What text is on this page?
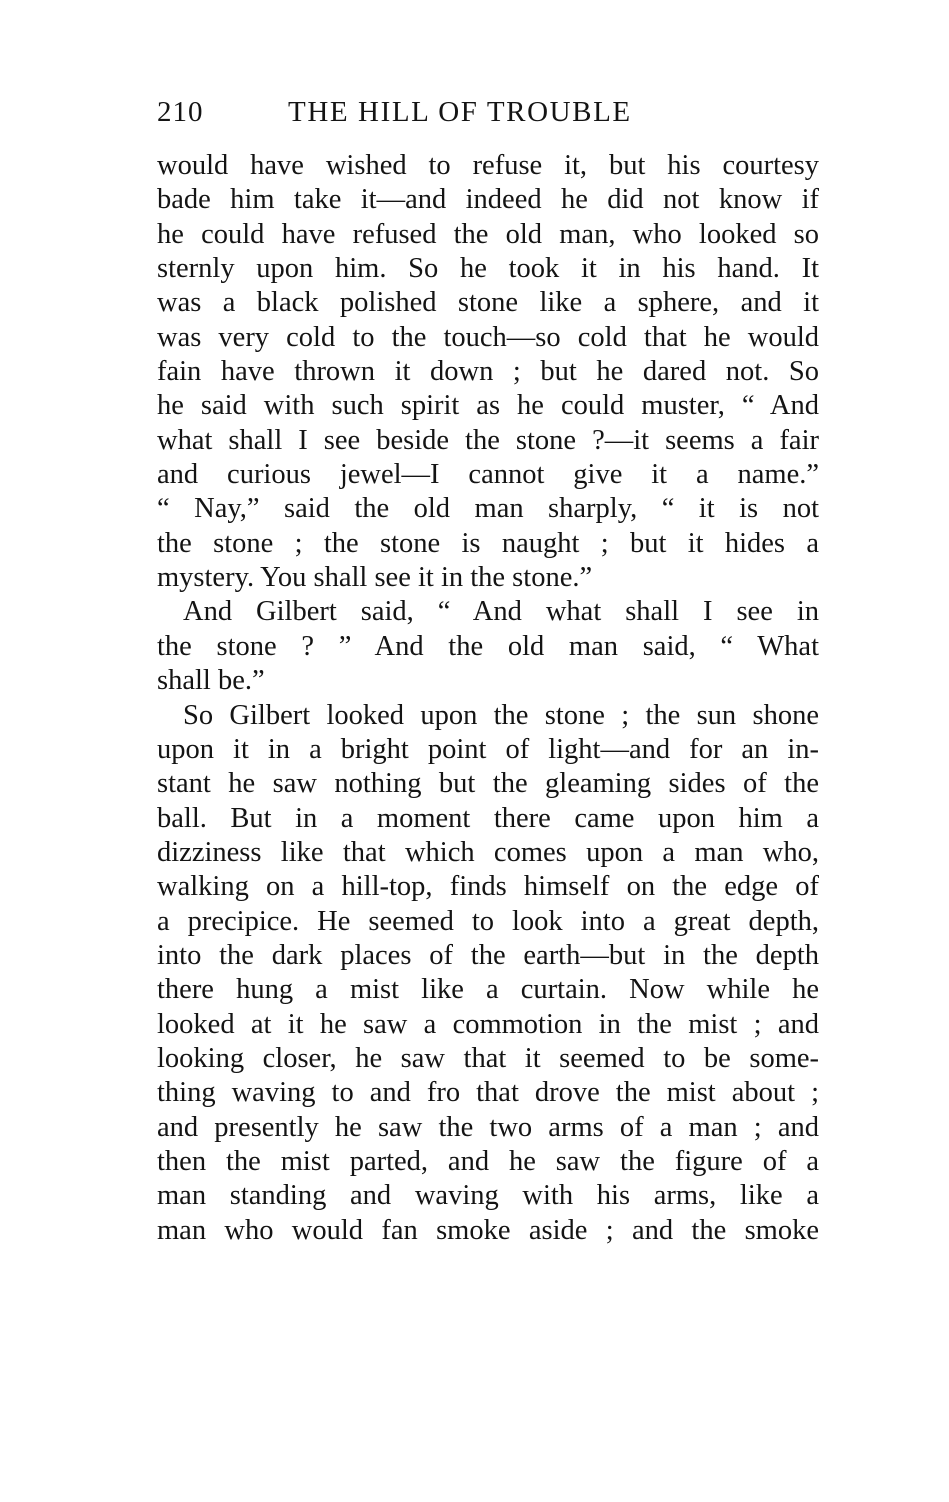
210	THE HILL OF TROUBLE
would have wished to refuse it, but his courtesy
bade him take it—and indeed he did not know if
he could have refused the old man, who looked so
sternly upon him. So he took it in his hand. It
was a black polished stone like a sphere, and it
was very cold to the touch—so cold that he would
fain have thrown it down ; but he dared not. So
he said with such spirit as he could muster, “ And
what shall I see beside the stone ?—it seems a fair
and curious jewel—I cannot give it a name.”
“ Nay,” said the old man sharply, “ it is not
the stone ; the stone is naught ; but it hides a
mystery. You shall see it in the stone.”
And Gilbert said, “ And what shall I see in
the stone ? ” And the old man said, “ What
shall be.”
So Gilbert looked upon the stone ; the sun shone
upon it in a bright point of light—and for an in-
stant he saw nothing but the gleaming sides of the
ball. But in a moment there came upon him a
dizziness like that which comes upon a man who,
walking on a hill-top, finds himself on the edge of
a precipice. He seemed to look into a great depth,
into the dark places of the earth—but in the depth
there hung a mist like a curtain. Now while he
looked at it he saw a commotion in the mist ; and
looking closer, he saw that it seemed to be some-
thing waving to and fro that drove the mist about ;
and presently he saw the two arms of a man ; and
then the mist parted, and he saw the figure of a
man standing and waving with his arms, like a
man who would fan smoke aside ; and the smoke
